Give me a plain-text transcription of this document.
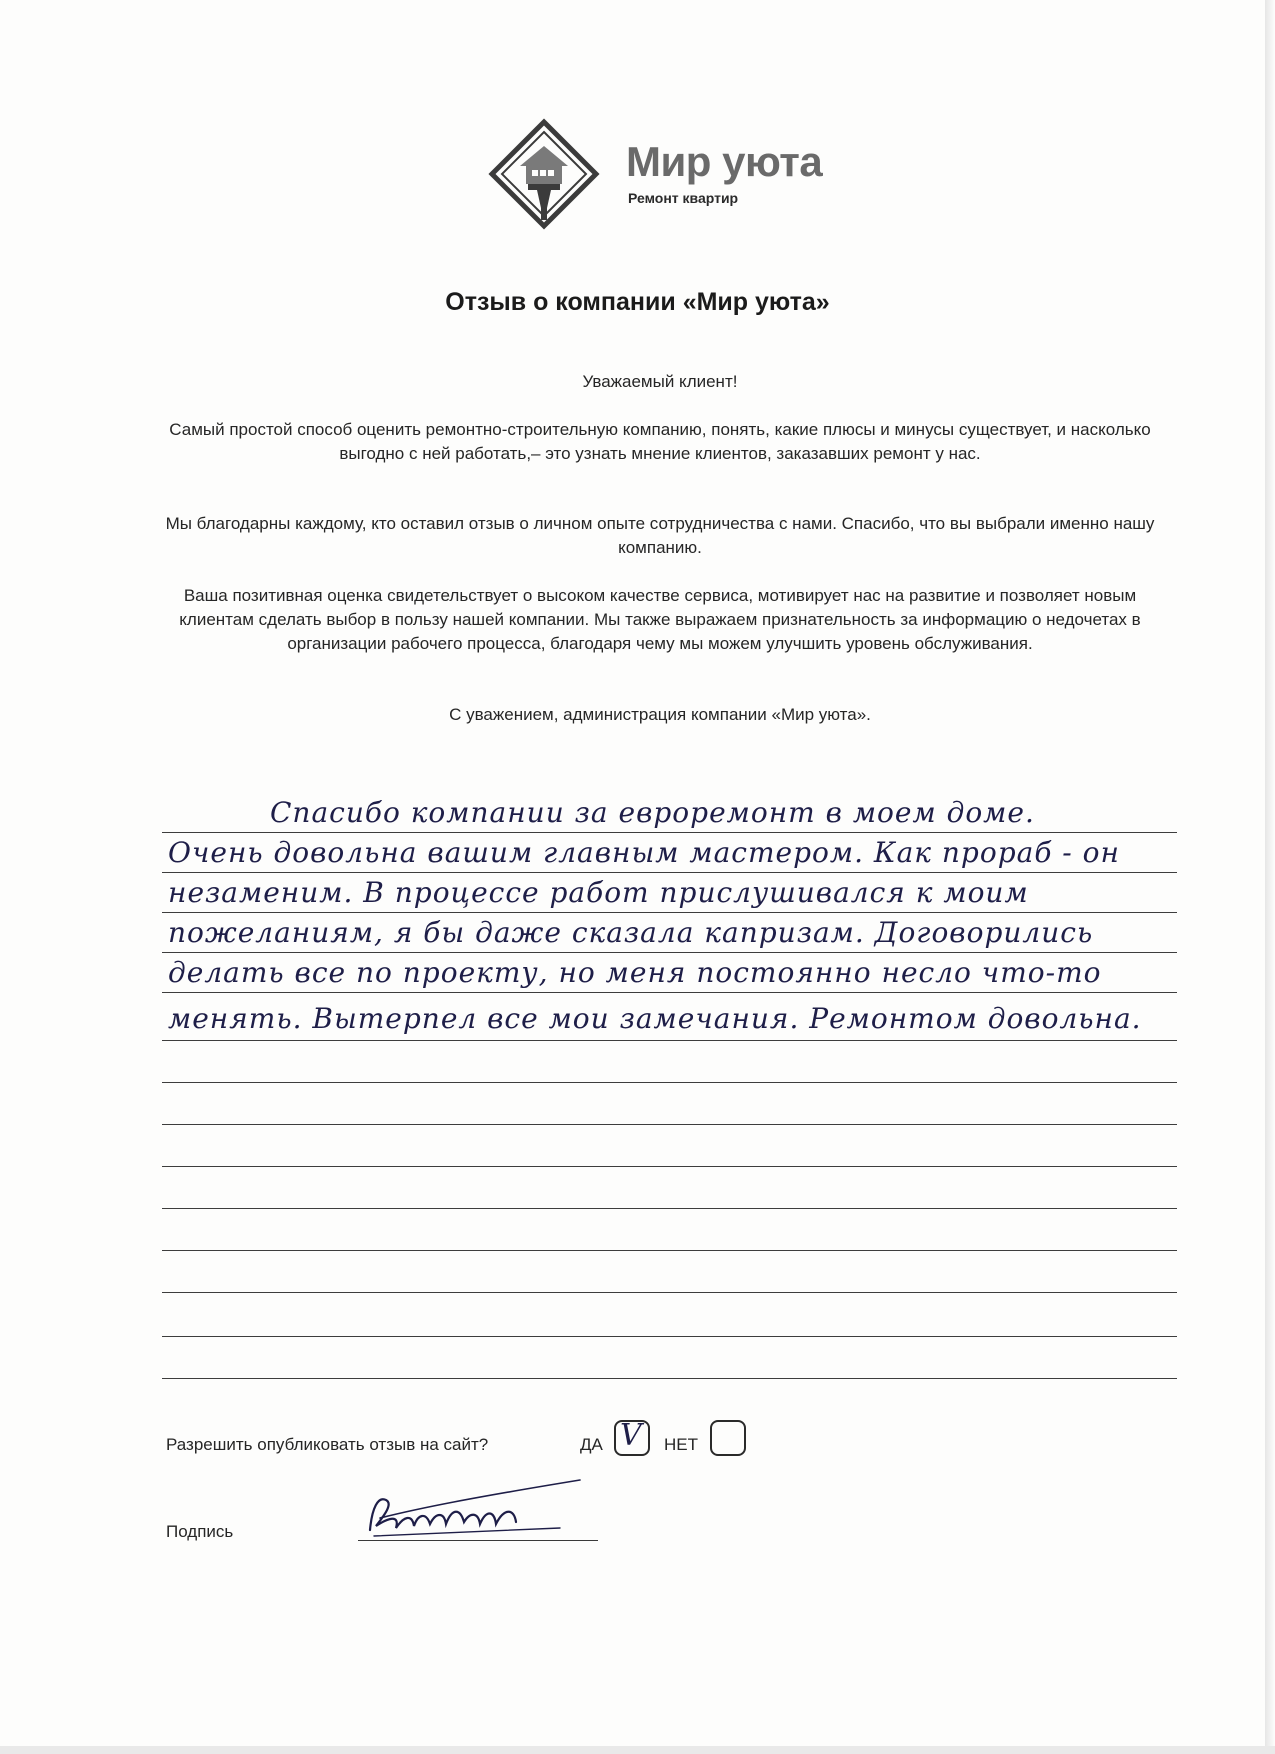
Мир уюта
Ремонт квартир
Отзыв о компании «Мир уюта»
Уважаемый клиент!
Самый простой способ оценить ремонтно-строительную компанию, понять, какие плюсы и минусы существует, и насколько выгодно с ней работать,– это узнать мнение клиентов, заказавших ремонт у нас.
Мы благодарны каждому, кто оставил отзыв о личном опыте сотрудничества с нами. Спасибо, что вы выбрали именно нашу компанию.
Ваша позитивная оценка свидетельствует о высоком качестве сервиса, мотивирует нас на развитие и позволяет новым клиентам сделать выбор в пользу нашей компании. Мы также выражаем признательность за информацию о недочетах в организации рабочего процесса, благодаря чему мы можем улучшить уровень обслуживания.
С уважением, администрация компании «Мир уюта».
Спасибо компании за евроремонт в моем доме.
Очень довольна вашим главным мастером. Как прораб - он
незаменим. В процессе работ прислушивался к моим
пожеланиям, я бы даже сказала капризам. Договорились
делать все по проекту, но меня постоянно несло что-то
менять. Вытерпел все мои замечания. Ремонтом довольна.
Разрешить опубликовать отзыв на сайт?	ДА V НЕТ
Подпись
